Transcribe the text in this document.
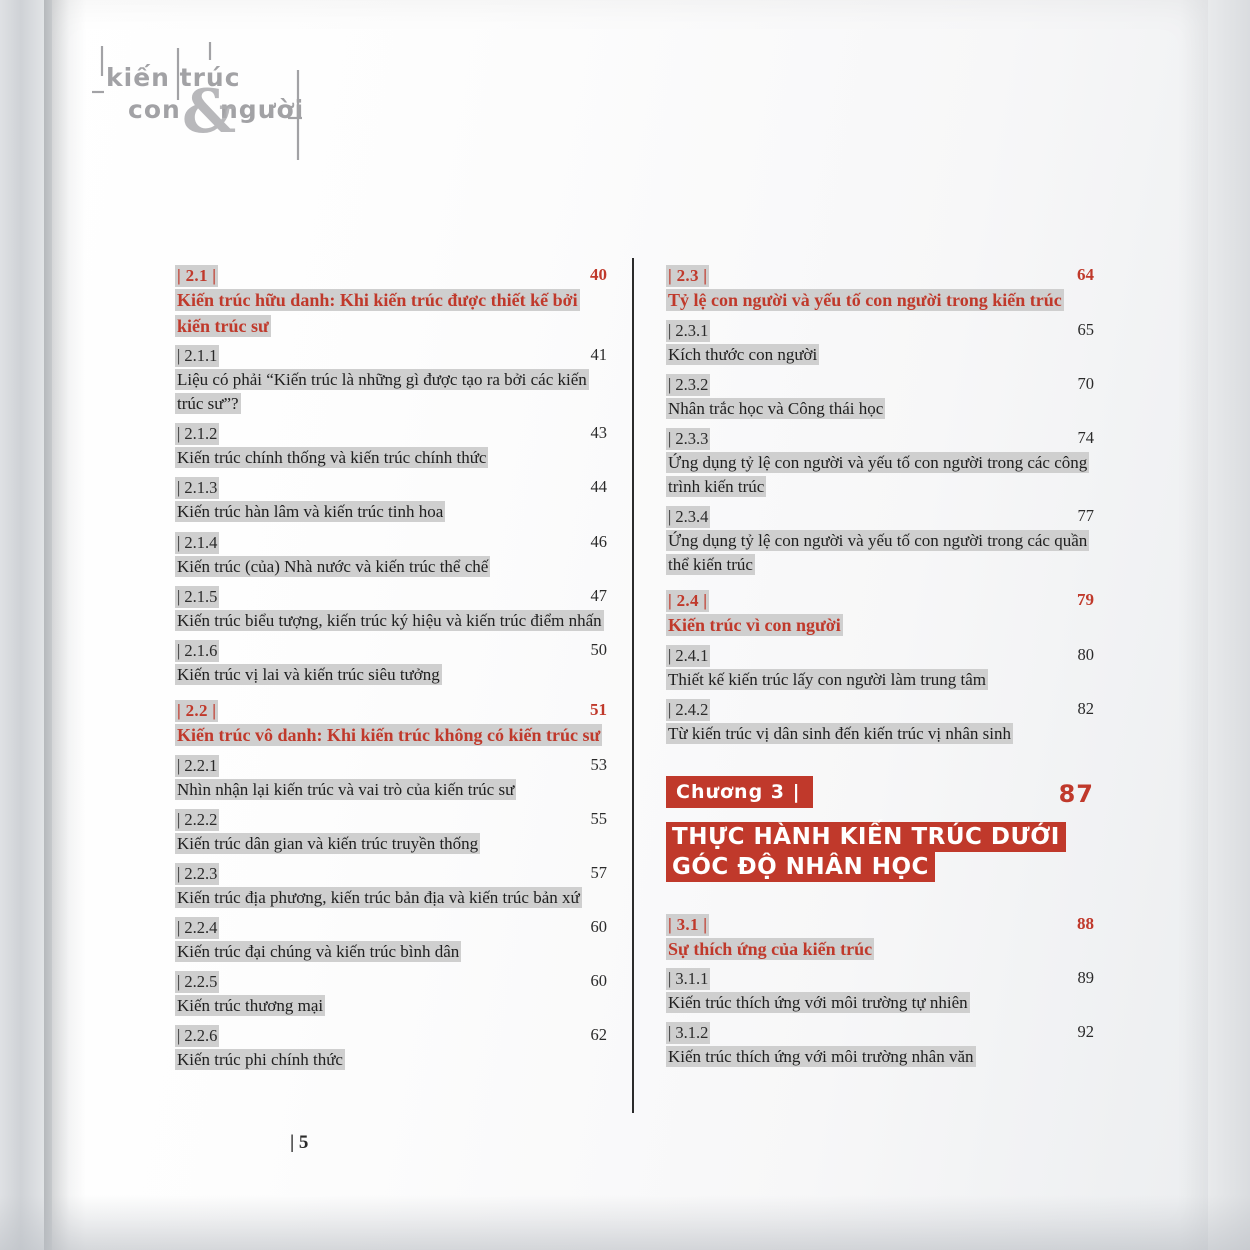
kiến trúc
con người
&
| 2.1 |	40
Kiến trúc hữu danh: Khi kiến trúc được thiết kế bởi kiến trúc sư
| 2.1.1	41
Liệu có phải “Kiến trúc là những gì được tạo ra bởi các kiến trúc sư”?
| 2.1.2	43
Kiến trúc chính thống và kiến trúc chính thức
| 2.1.3	44
Kiến trúc hàn lâm và kiến trúc tinh hoa
| 2.1.4	46
Kiến trúc (của) Nhà nước và kiến trúc thể chế
| 2.1.5	47
Kiến trúc biểu tượng, kiến trúc ký hiệu và kiến trúc điểm nhấn
| 2.1.6	50
Kiến trúc vị lai và kiến trúc siêu tưởng
| 2.2 |	51
Kiến trúc vô danh: Khi kiến trúc không có kiến trúc sư
| 2.2.1	53
Nhìn nhận lại kiến trúc và vai trò của kiến trúc sư
| 2.2.2	55
Kiến trúc dân gian và kiến trúc truyền thống
| 2.2.3	57
Kiến trúc địa phương, kiến trúc bản địa và kiến trúc bản xứ
| 2.2.4	60
Kiến trúc đại chúng và kiến trúc bình dân
| 2.2.5	60
Kiến trúc thương mại
| 2.2.6	62
Kiến trúc phi chính thức
| 2.3 |	64
Tỷ lệ con người và yếu tố con người trong kiến trúc
| 2.3.1	65
Kích thước con người
| 2.3.2	70
Nhân trắc học và Công thái học
| 2.3.3	74
Ứng dụng tỷ lệ con người và yếu tố con người trong các công trình kiến trúc
| 2.3.4	77
Ứng dụng tỷ lệ con người và yếu tố con người trong các quần thể kiến trúc
| 2.4 |	79
Kiến trúc vì con người
| 2.4.1	80
Thiết kế kiến trúc lấy con người làm trung tâm
| 2.4.2	82
Từ kiến trúc vị dân sinh đến kiến trúc vị nhân sinh
Chương 3 |	87
THỰC HÀNH KIẾN TRÚC DƯỚI GÓC ĐỘ NHÂN HỌC
| 3.1 |	88
Sự thích ứng của kiến trúc
| 3.1.1	89
Kiến trúc thích ứng với môi trường tự nhiên
| 3.1.2	92
Kiến trúc thích ứng với môi trường nhân văn
| 5
